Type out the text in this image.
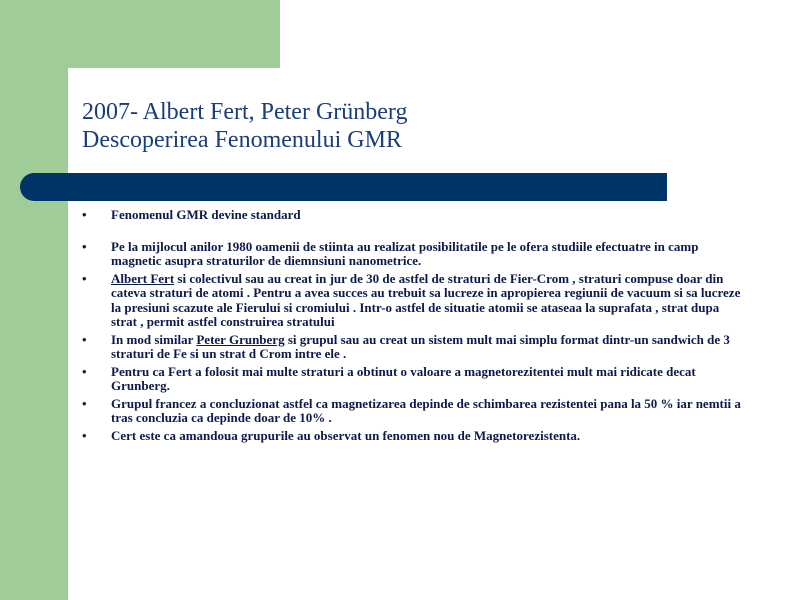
2007- Albert Fert, Peter Grünberg
Descoperirea Fenomenului GMR
• Fenomenul GMR devine standard
• Pe la mijlocul anilor 1980 oamenii de stiinta au realizat posibilitatile pe le ofera studiile efectuatre in camp magnetic asupra straturilor de diemnsiuni nanometrice.
• Albert Fert si colectivul sau au creat in jur de 30 de astfel de straturi de Fier-Crom , straturi compuse doar din cateva straturi de atomi . Pentru a avea succes au trebuit sa lucreze in apropierea regiunii de vacuum si sa lucreze la presiuni scazute ale Fierului si cromiului . Intr-o astfel de situatie atomii se ataseaa la suprafata , strat dupa strat , permit astfel construirea stratului
• In mod similar Peter Grunberg si grupul sau au creat un sistem mult mai simplu format dintr-un sandwich de 3 straturi de Fe si un strat d Crom intre ele .
• Pentru ca Fert a folosit mai multe straturi a obtinut o valoare a magnetorezitentei mult mai ridicate decat Grunberg.
• Grupul francez a concluzionat astfel ca magnetizarea depinde de schimbarea rezistentei pana la 50 % iar nemtii a tras concluzia ca depinde doar de 10% .
• Cert este ca amandoua grupurile au observat un fenomen nou de Magnetorezistenta.
